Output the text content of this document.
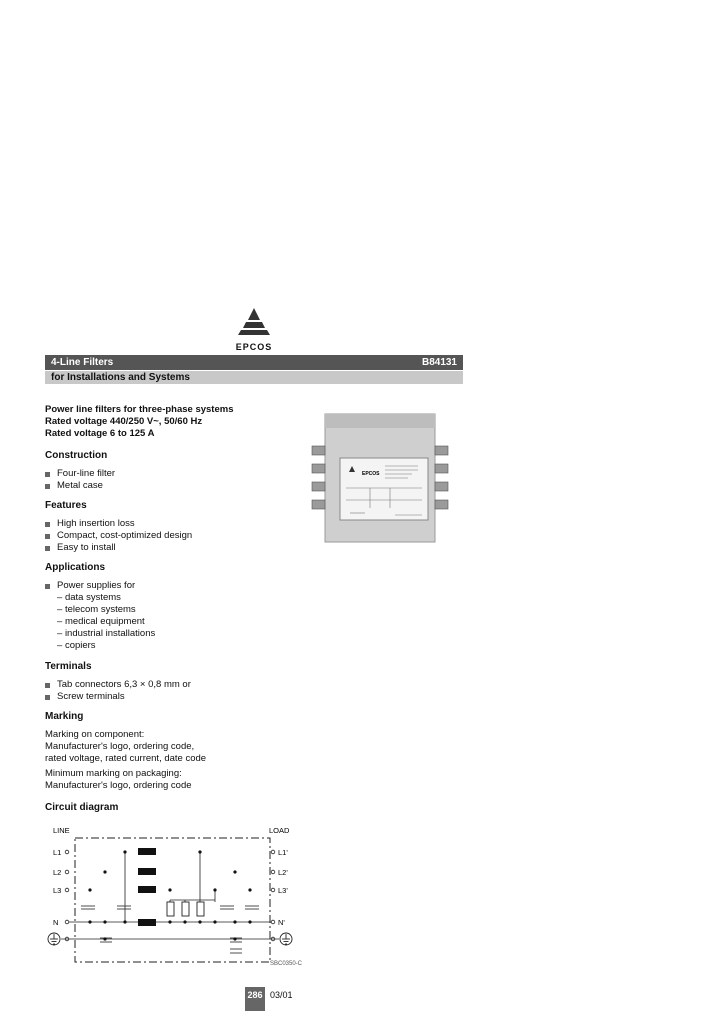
EPCOS
4-Line Filters	B84131
for Installations and Systems
Power line filters for three-phase systems
Rated voltage 440/250 V~, 50/60 Hz
Rated voltage 6 to 125 A
Construction
Four-line filter
Metal case
Features
High insertion loss
Compact, cost-optimized design
Easy to install
Applications
Power supplies for
– data systems
– telecom systems
– medical equipment
– industrial installations
– copiers
Terminals
Tab connectors 6,3 × 0,8 mm or
Screw terminals
Marking
Marking on component:
Manufacturer's logo, ordering code,
rated voltage, rated current, date code
Minimum marking on packaging:
Manufacturer's logo, ordering code
Circuit diagram
LINE	LOAD
L1
L2
L3
N
L1'
L2'
L3'
N'
SBC0350-C
EPCOS
286 03/01
